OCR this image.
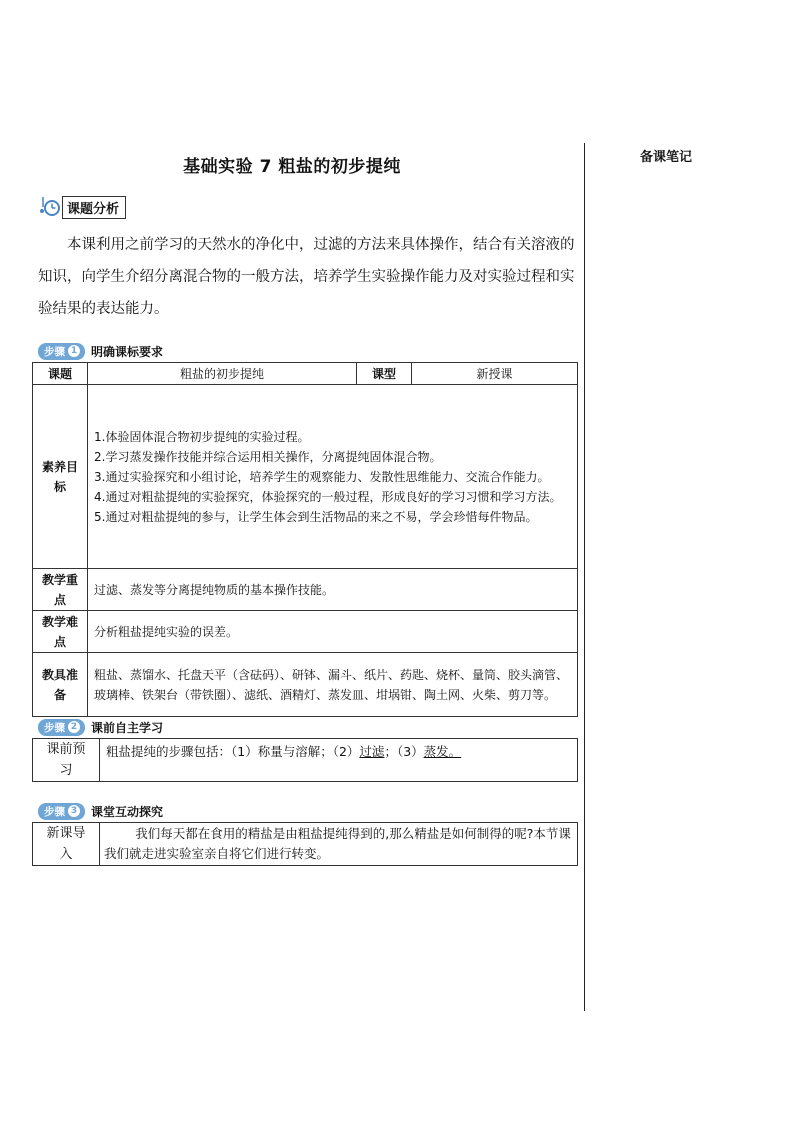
备课笔记
基础实验 7 粗盐的初步提纯
课题分析
本课利用之前学习的天然水的净化中，过滤的方法来具体操作，结合有关溶液的知识，向学生介绍分离混合物的一般方法，培养学生实验操作能力及对实验过程和实验结果的表达能力。
步骤 1 明确课标要求
课题	粗盐的初步提纯	课型	新授课
素养目标	1.体验固体混合物初步提纯的实验过程。
2.学习蒸发操作技能并综合运用相关操作，分离提纯固体混合物。
3.通过实验探究和小组讨论，培养学生的观察能力、发散性思维能力、交流合作能力。
4.通过对粗盐提纯的实验探究，体验探究的一般过程，形成良好的学习习惯和学习方法。
5.通过对粗盐提纯的参与，让学生体会到生活物品的来之不易，学会珍惜每件物品。		

教学重点	过滤、蒸发等分离提纯物质的基本操作技能。		
教学难点	分析粗盐提纯实验的误差。		
教具准备	粗盐、蒸馏水、托盘天平（含砝码）、研钵、漏斗、纸片、药匙、烧杯、量筒、胶头滴管、玻璃棒、铁架台（带铁圈）、滤纸、酒精灯、蒸发皿、坩埚钳、陶土网、火柴、剪刀等。		
步骤 2 课前自主学习
课前预习	粗盐提纯的步骤包括：（1）称量与溶解；（2）过滤；（3）蒸发。
步骤 3 课堂互动探究
新课导入	我们每天都在食用的精盐是由粗盐提纯得到的,那么精盐是如何制得的呢?本节课我们就走进实验室亲自将它们进行转变。
